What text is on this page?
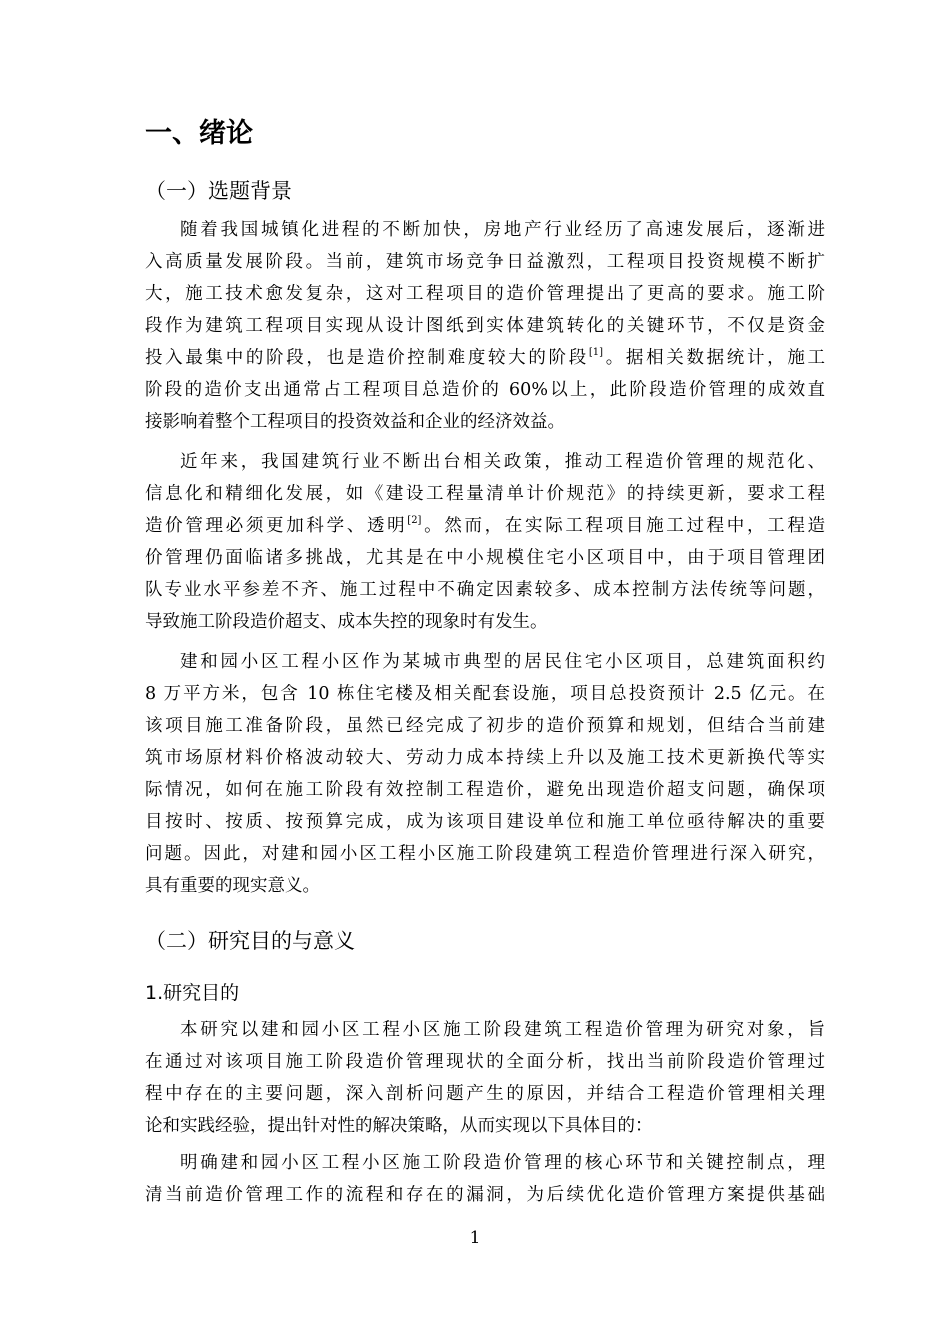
一、绪论
（一）选题背景
随着我国城镇化进程的不断加快，房地产行业经历了高速发展后，逐渐进
入高质量发展阶段。当前，建筑市场竞争日益激烈，工程项目投资规模不断扩
大，施工技术愈发复杂，这对工程项目的造价管理提出了更高的要求。施工阶
段作为建筑工程项目实现从设计图纸到实体建筑转化的关键环节，不仅是资金
投入最集中的阶段，也是造价控制难度较大的阶段[1]。据相关数据统计，施工
阶段的造价支出通常占工程项目总造价的 60%以上，此阶段造价管理的成效直
接影响着整个工程项目的投资效益和企业的经济效益。
近年来，我国建筑行业不断出台相关政策，推动工程造价管理的规范化、
信息化和精细化发展，如《建设工程量清单计价规范》的持续更新，要求工程
造价管理必须更加科学、透明[2]。然而，在实际工程项目施工过程中，工程造
价管理仍面临诸多挑战，尤其是在中小规模住宅小区项目中，由于项目管理团
队专业水平参差不齐、施工过程中不确定因素较多、成本控制方法传统等问题，
导致施工阶段造价超支、成本失控的现象时有发生。
建和园小区工程小区作为某城市典型的居民住宅小区项目，总建筑面积约
8 万平方米，包含 10 栋住宅楼及相关配套设施，项目总投资预计 2.5 亿元。在
该项目施工准备阶段，虽然已经完成了初步的造价预算和规划，但结合当前建
筑市场原材料价格波动较大、劳动力成本持续上升以及施工技术更新换代等实
际情况，如何在施工阶段有效控制工程造价，避免出现造价超支问题，确保项
目按时、按质、按预算完成，成为该项目建设单位和施工单位亟待解决的重要
问题。因此，对建和园小区工程小区施工阶段建筑工程造价管理进行深入研究，
具有重要的现实意义。
（二）研究目的与意义
1.研究目的
本研究以建和园小区工程小区施工阶段建筑工程造价管理为研究对象，旨
在通过对该项目施工阶段造价管理现状的全面分析，找出当前阶段造价管理过
程中存在的主要问题，深入剖析问题产生的原因，并结合工程造价管理相关理
论和实践经验，提出针对性的解决策略，从而实现以下具体目的：
明确建和园小区工程小区施工阶段造价管理的核心环节和关键控制点，理
清当前造价管理工作的流程和存在的漏洞，为后续优化造价管理方案提供基础
1
